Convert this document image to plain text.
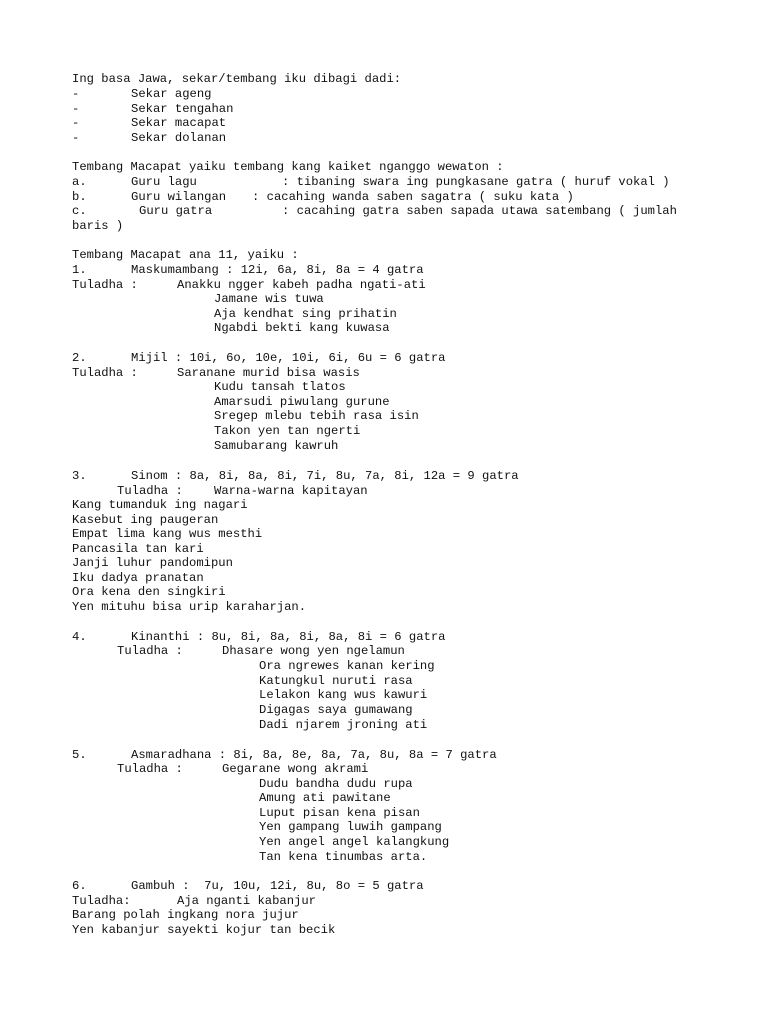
Ing basa Jawa, sekar/tembang iku dibagi dadi:
-	Sekar ageng
-	Sekar tengahan
-	Sekar macapat
-	Sekar dolanan
Tembang Macapat yaiku tembang kang kaiket nganggo wewaton :
a.	Guru lagu	: tibaning swara ing pungkasane gatra ( huruf vokal )
b.	Guru wilangan : cacahing wanda saben sagatra ( suku kata )
c.	Guru gatra	: cacahing gatra saben sapada utawa satembang ( jumlah
baris )
Tembang Macapat ana 11, yaiku :
1.	Maskumambang : 12i, 6a, 8i, 8a = 4 gatra
Tuladha :	Anakku ngger kabeh padha ngati-ati
Jamane wis tuwa
Aja kendhat sing prihatin
Ngabdi bekti kang kuwasa
2.	Mijil : 10i, 6o, 10e, 10i, 6i, 6u = 6 gatra
Tuladha :	Saranane murid bisa wasis
Kudu tansah tlatos
Amarsudi piwulang gurune
Sregep mlebu tebih rasa isin
Takon yen tan ngerti
Samubarang kawruh
3.	Sinom : 8a, 8i, 8a, 8i, 7i, 8u, 7a, 8i, 12a = 9 gatra
Tuladha :	Warna-warna kapitayan
Kang tumanduk ing nagari
Kasebut ing paugeran
Empat lima kang wus mesthi
Pancasila tan kari
Janji luhur pandomipun
Iku dadya pranatan
Ora kena den singkiri
Yen mituhu bisa urip karaharjan.
4.	Kinanthi : 8u, 8i, 8a, 8i, 8a, 8i = 6 gatra
Tuladha :	Dhasare wong yen ngelamun
Ora ngrewes kanan kering
Katungkul nuruti rasa
Lelakon kang wus kawuri
Digagas saya gumawang
Dadi njarem jroning ati
5.	Asmaradhana : 8i, 8a, 8e, 8a, 7a, 8u, 8a = 7 gatra
Tuladha :	Gegarane wong akrami
Dudu bandha dudu rupa
Amung ati pawitane
Luput pisan kena pisan
Yen gampang luwih gampang
Yen angel angel kalangkung
Tan kena tinumbas arta.
6.	Gambuh :  7u, 10u, 12i, 8u, 8o = 5 gatra
Tuladha:	Aja nganti kabanjur
Barang polah ingkang nora jujur
Yen kabanjur sayekti kojur tan becik
